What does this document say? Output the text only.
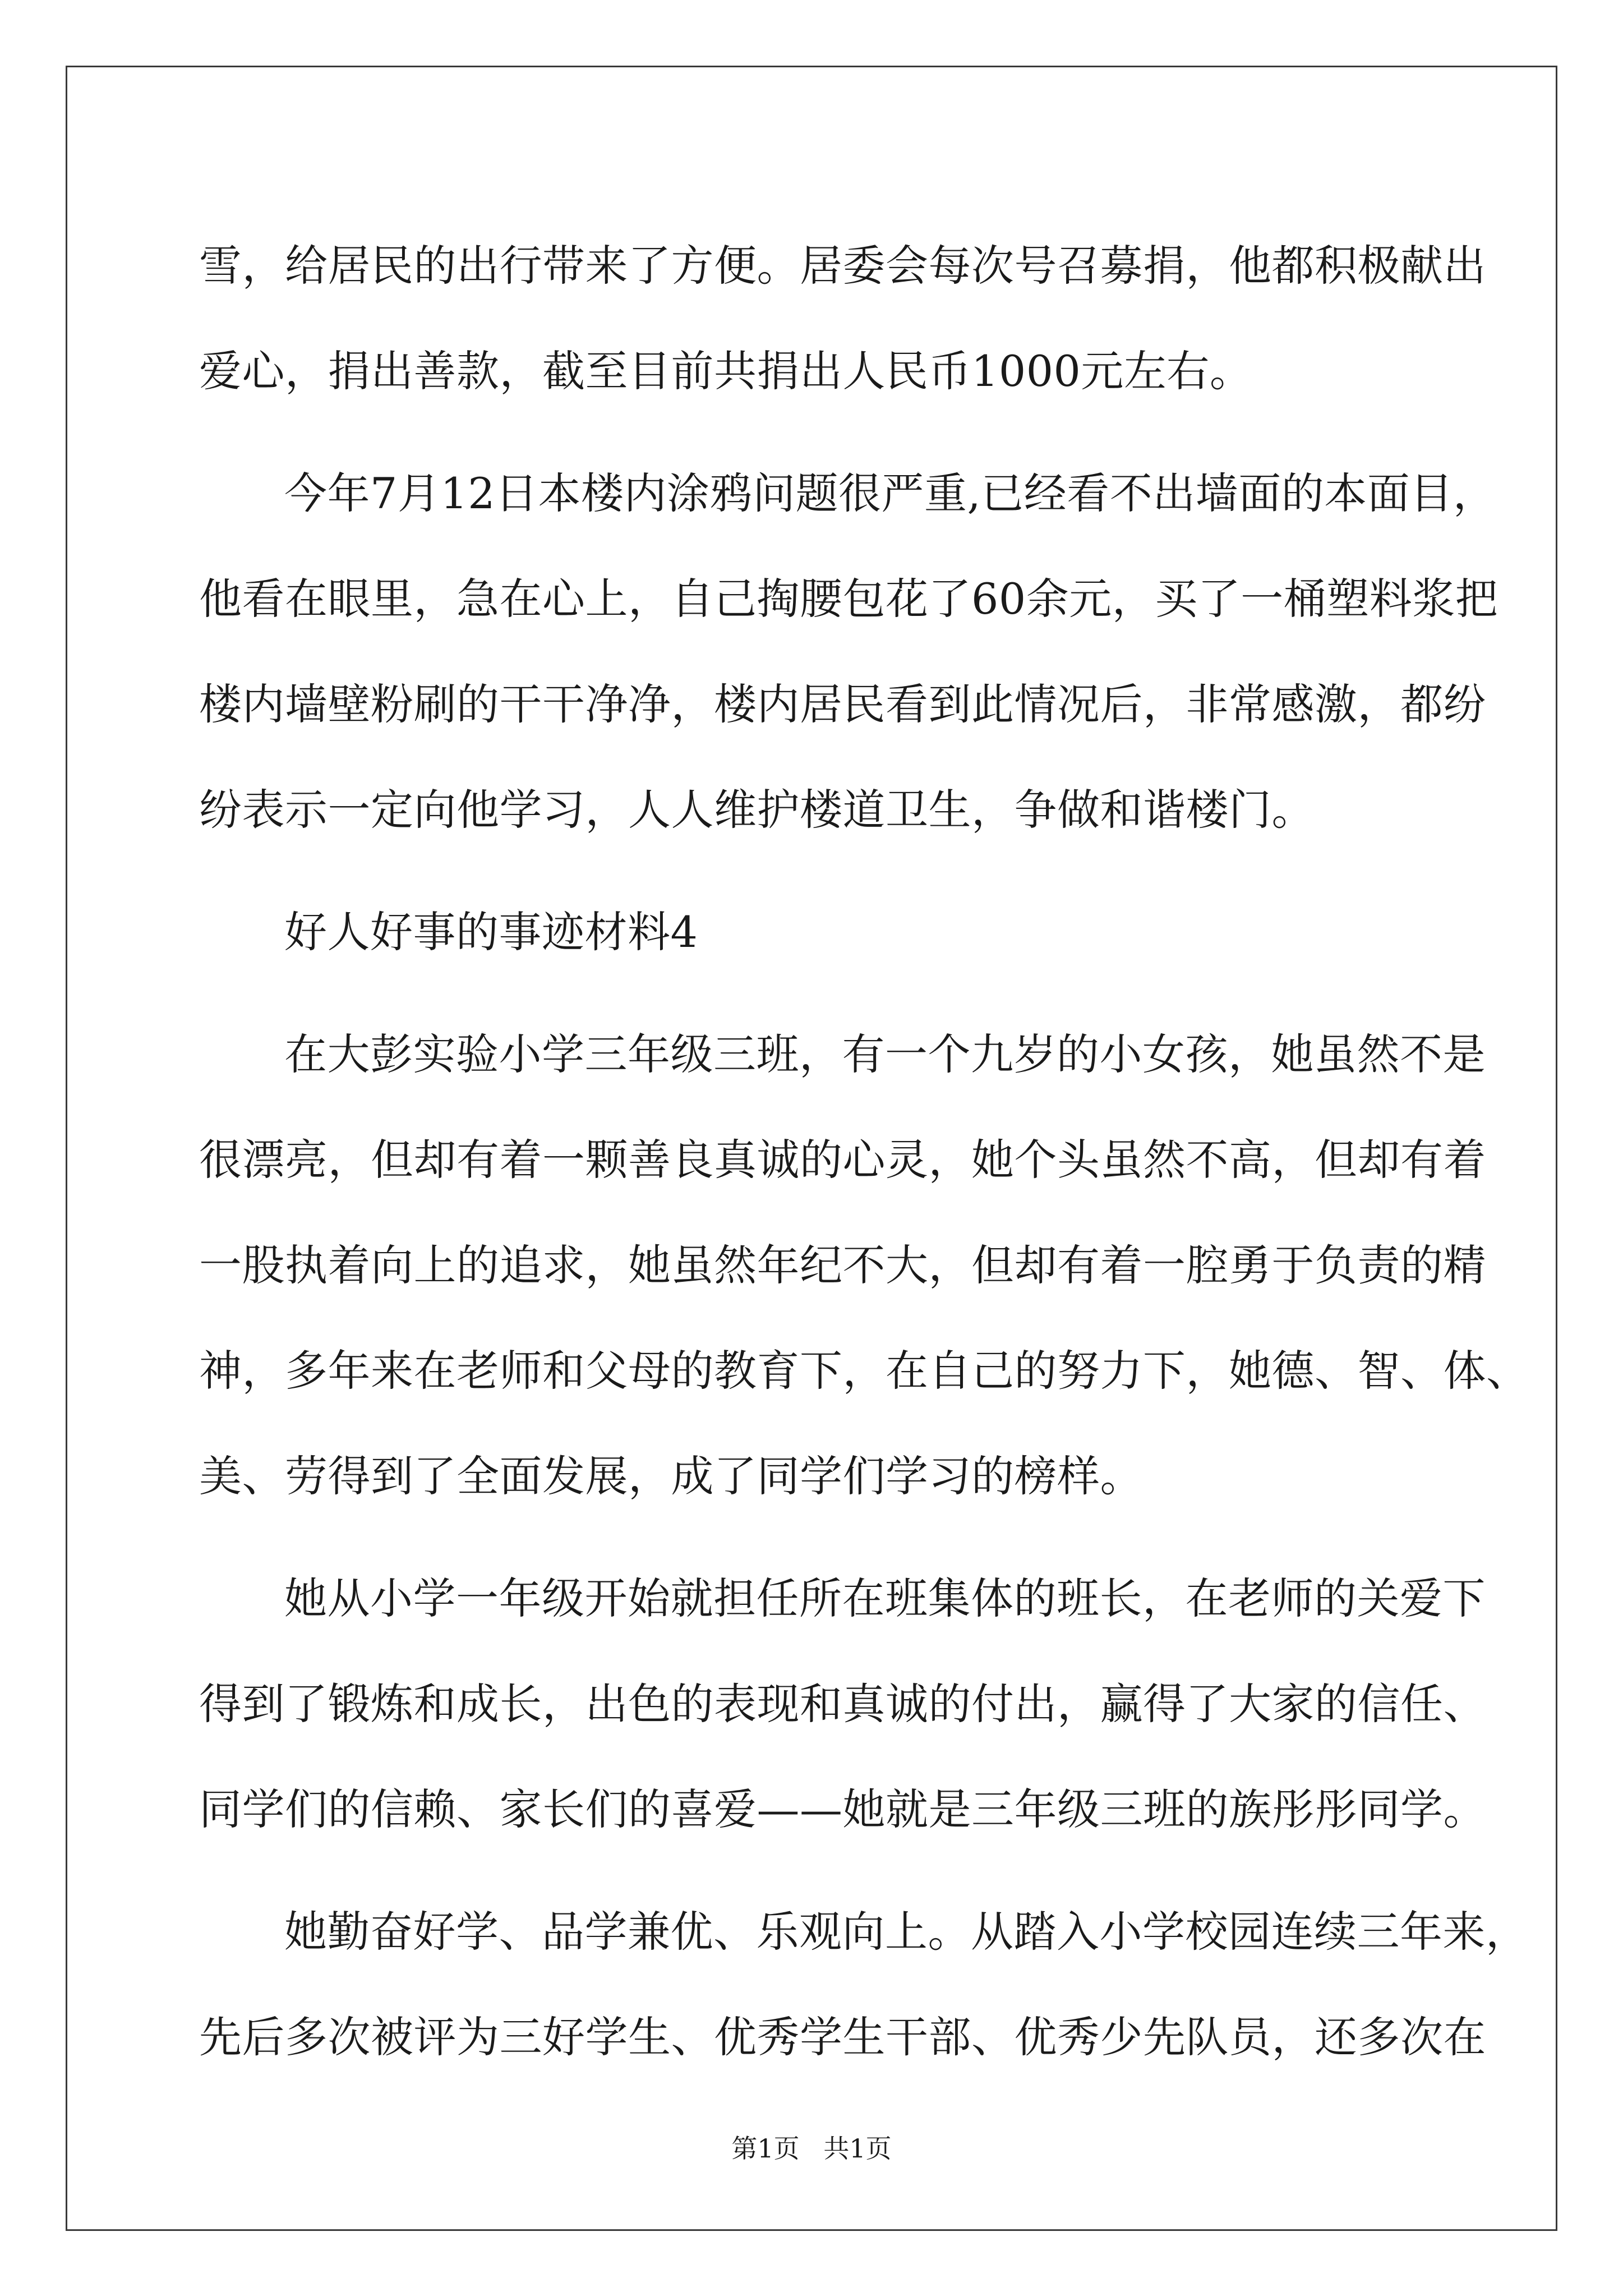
雪，给居民的出行带来了方便。居委会每次号召募捐，他都积极献出
爱心，捐出善款，截至目前共捐出人民币1000元左右。
今年7月12日本楼内涂鸦问题很严重,已经看不出墙面的本面目，
他看在眼里，急在心上，自己掏腰包花了60余元，买了一桶塑料浆把
楼内墙壁粉刷的干干净净，楼内居民看到此情况后，非常感激，都纷
纷表示一定向他学习，人人维护楼道卫生，争做和谐楼门。
好人好事的事迹材料4
在大彭实验小学三年级三班，有一个九岁的小女孩，她虽然不是
很漂亮，但却有着一颗善良真诚的心灵，她个头虽然不高，但却有着
一股执着向上的追求，她虽然年纪不大，但却有着一腔勇于负责的精
神，多年来在老师和父母的教育下，在自己的努力下，她德、智、体、
美、劳得到了全面发展，成了同学们学习的榜样。
她从小学一年级开始就担任所在班集体的班长，在老师的关爱下
得到了锻炼和成长，出色的表现和真诚的付出，赢得了大家的信任、
同学们的信赖、家长们的喜爱——她就是三年级三班的族彤彤同学。
她勤奋好学、品学兼优、乐观向上。从踏入小学校园连续三年来，
先后多次被评为三好学生、优秀学生干部、优秀少先队员，还多次在
第1页 共1页
